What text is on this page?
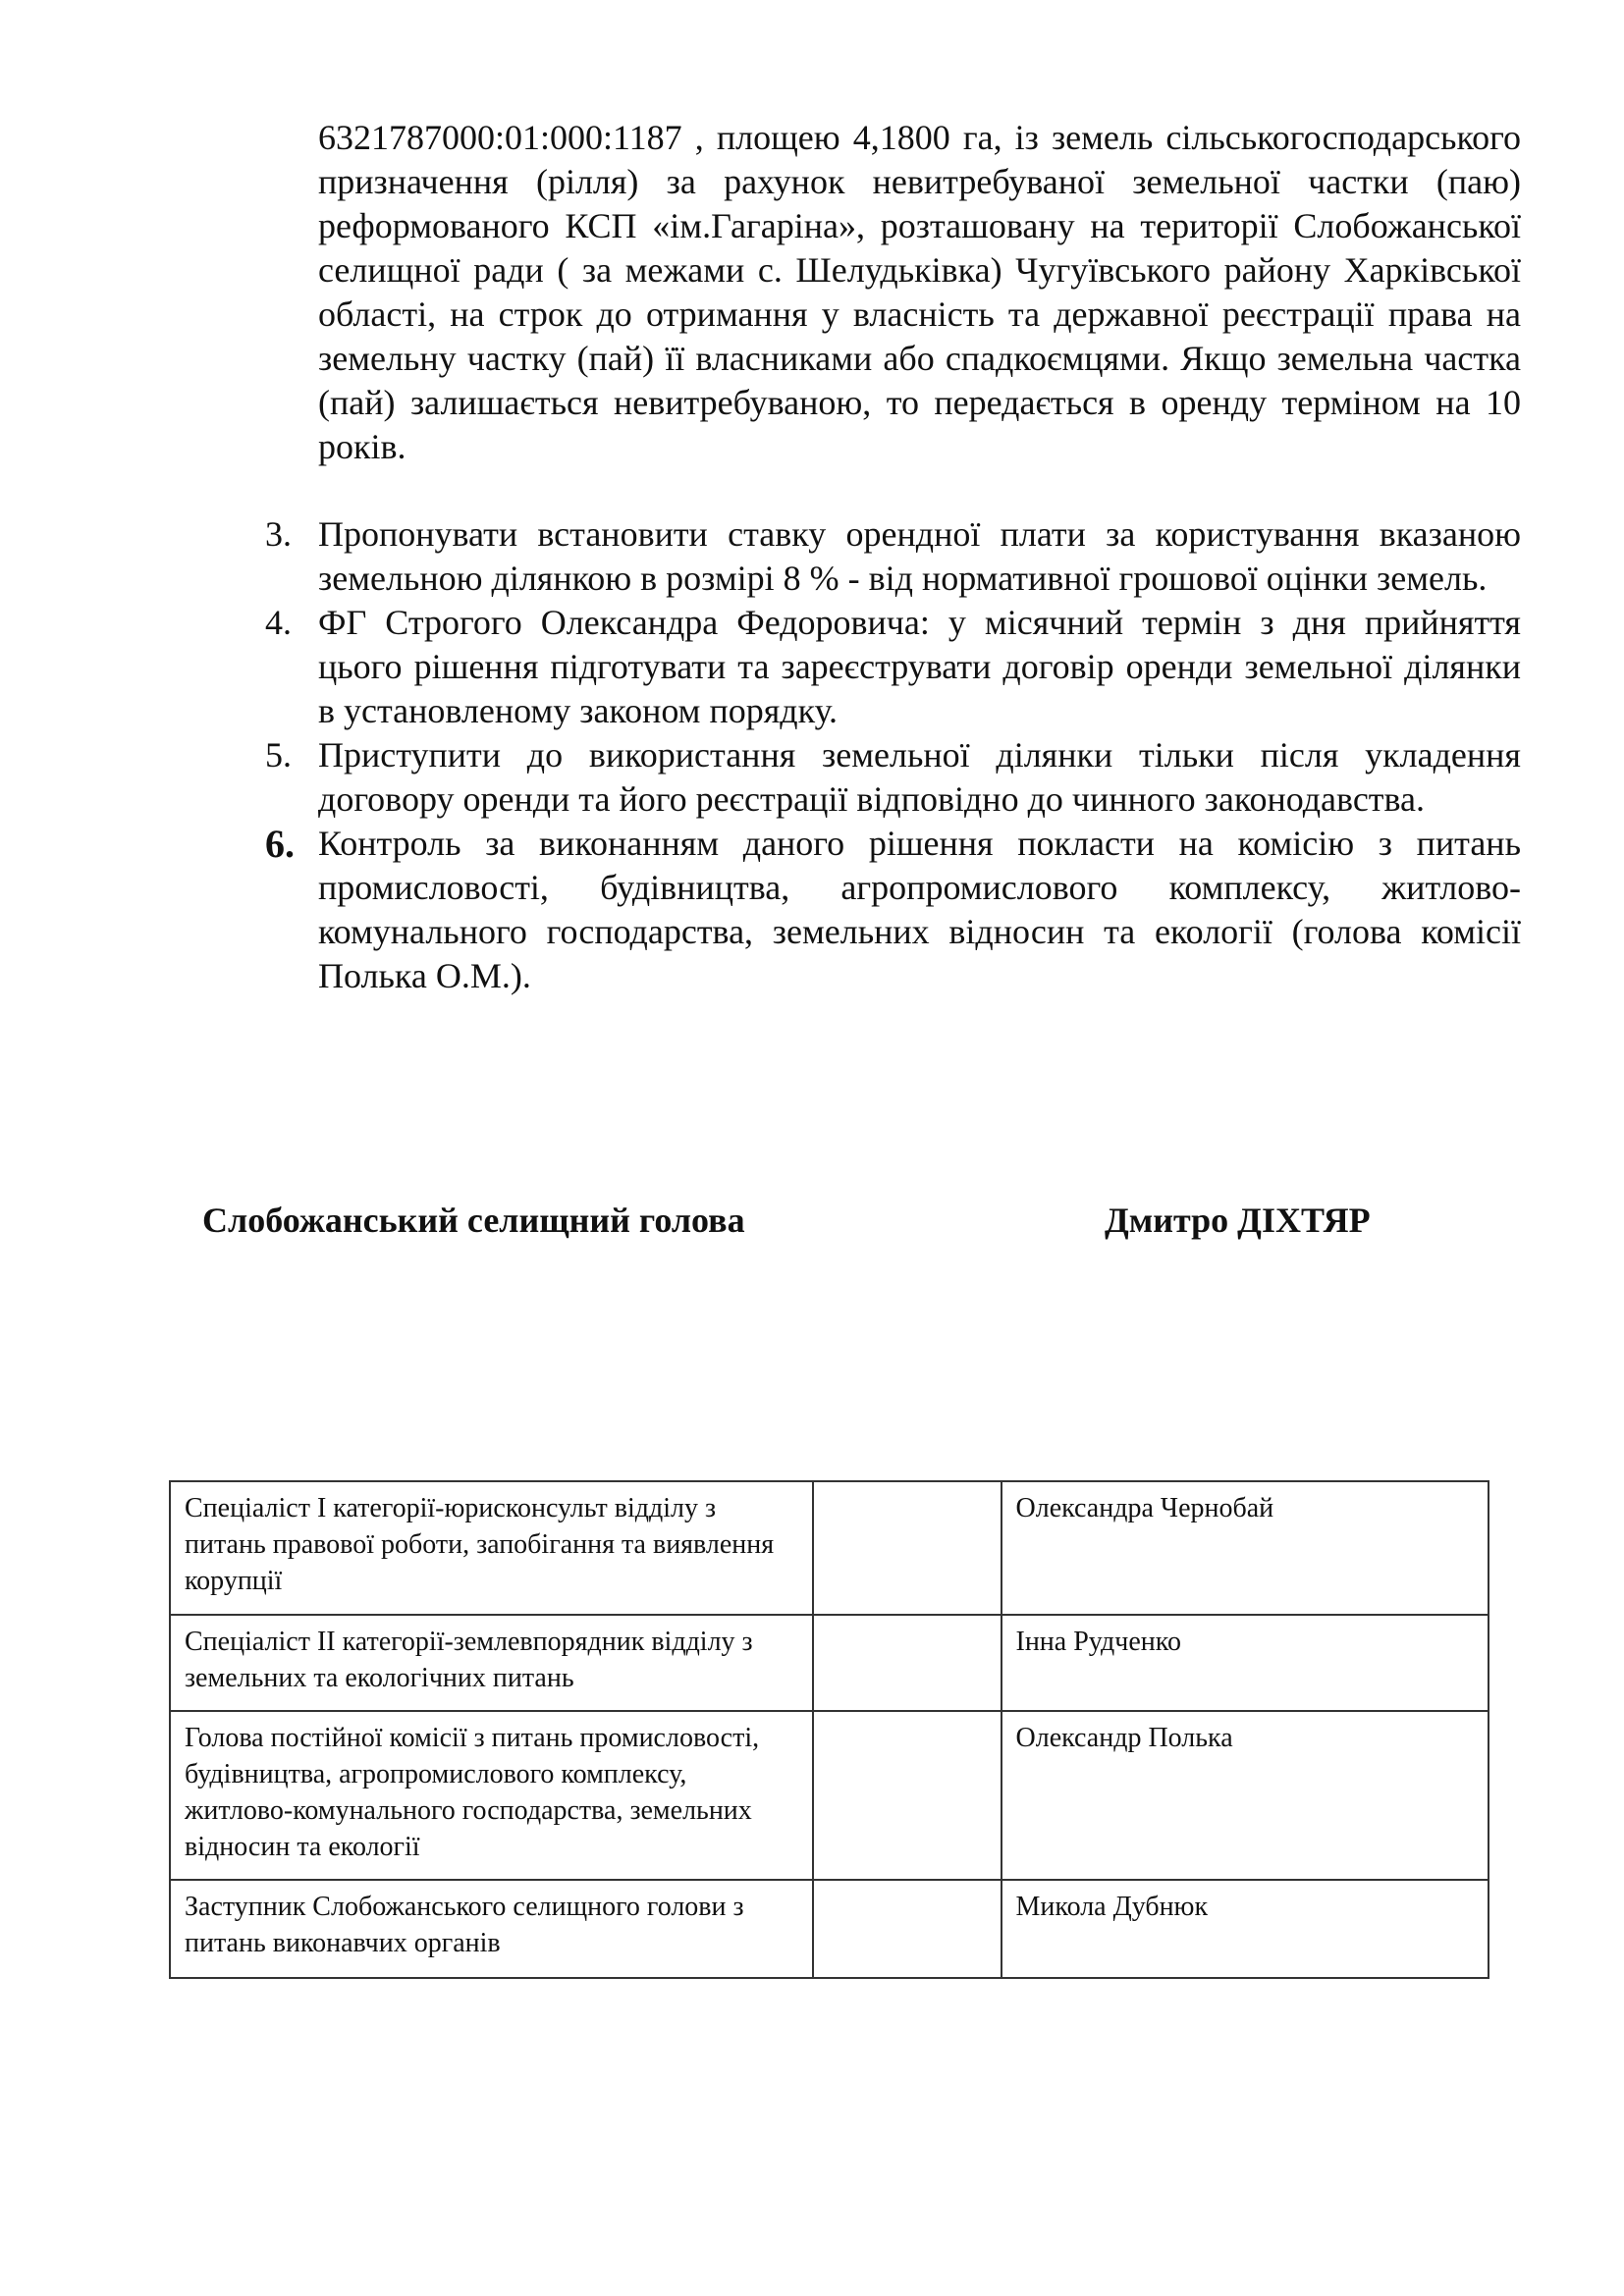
6321787000:01:000:1187 , площею 4,1800 га, із земель сільськогосподарського призначення (рілля) за рахунок невитребуваної земельної частки (паю) реформованого КСП «ім.Гагаріна», розташовану на території Слобожанської селищної ради ( за межами с. Шелудьківка) Чугуївського району Харківської області, на строк до отримання у власність та державної реєстрації права на земельну частку (пай) її власниками або спадкоємцями. Якщо земельна частка (пай) залишається невитребуваною, то передається в оренду терміном на 10 років.

3. Пропонувати встановити ставку орендної плати за користування вказаною земельною ділянкою в розмірі 8 % - від нормативної грошової оцінки земель.
4. ФГ Строгого Олександра Федоровича: у місячний термін з дня прийняття цього рішення підготувати та зареєструвати договір оренди земельної ділянки в установленому законом порядку.
5. Приступити до використання земельної ділянки тільки після укладення договору оренди та його реєстрації відповідно до чинного законодавства.
6. Контроль за виконанням даного рішення покласти на комісію з питань промисловості, будівництва, агропромислового комплексу, житлово-комунального господарства, земельних відносин та екології (голова комісії Полька О.М.).
Слобожанський селищний голова	Дмитро ДІХТЯР
Спеціаліст I категорії-юрисконсульт відділу з питань правової роботи, запобігання та виявлення корупції		Олександра Чернобай
Спеціаліст II категорії-землевпорядник відділу з земельних та екологічних питань		Інна Рудченко
Голова постійної комісії з питань промисловості, будівництва, агропромислового комплексу, житлово-комунального господарства, земельних відносин та екології		Олександр Полька
Заступник Слобожанського селищного голови з питань виконавчих органів		Микола Дубнюк
